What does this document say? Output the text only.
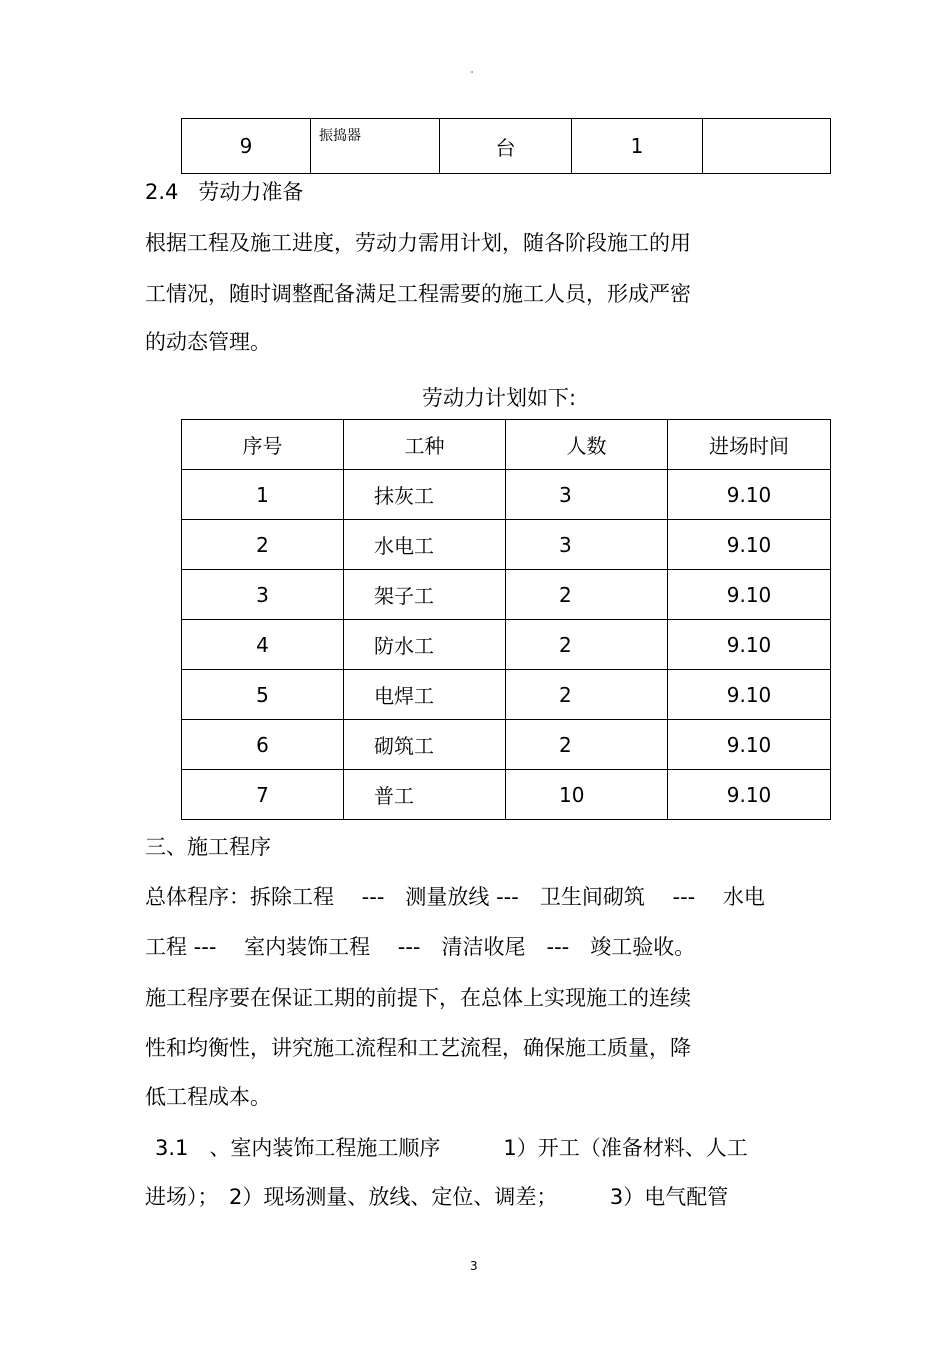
"
9	振捣器	台	1	
2.4 劳动力准备
根据工程及施工进度，劳动力需用计划，随各阶段施工的用
工情况，随时调整配备满足工程需要的施工人员，形成严密
的动态管理。
劳动力计划如下:
序号	工种	人数	进场时间
1	抹灰工	3	9.10
2	水电工	3	9.10
3	架子工	2	9.10
4	防水工	2	9.10
5	电焊工	2	9.10
6	砌筑工	2	9.10
7	普工	10	9.10
三、施工程序
总体程序：拆除工程　 ---　测量放线 ---　卫生间砌筑　 ---　 水电
工程 ---　 室内装饰工程　 ---　清洁收尾　---　竣工验收。
施工程序要在保证工期的前提下，在总体上实现施工的连续
性和均衡性，讲究施工流程和工艺流程，确保施工质量，降
低工程成本。
3.1　、室内装饰工程施工顺序　　　1）开工（准备材料、人工
进场）；　2）现场测量、放线、定位、调差；　　　3）电气配管
3
